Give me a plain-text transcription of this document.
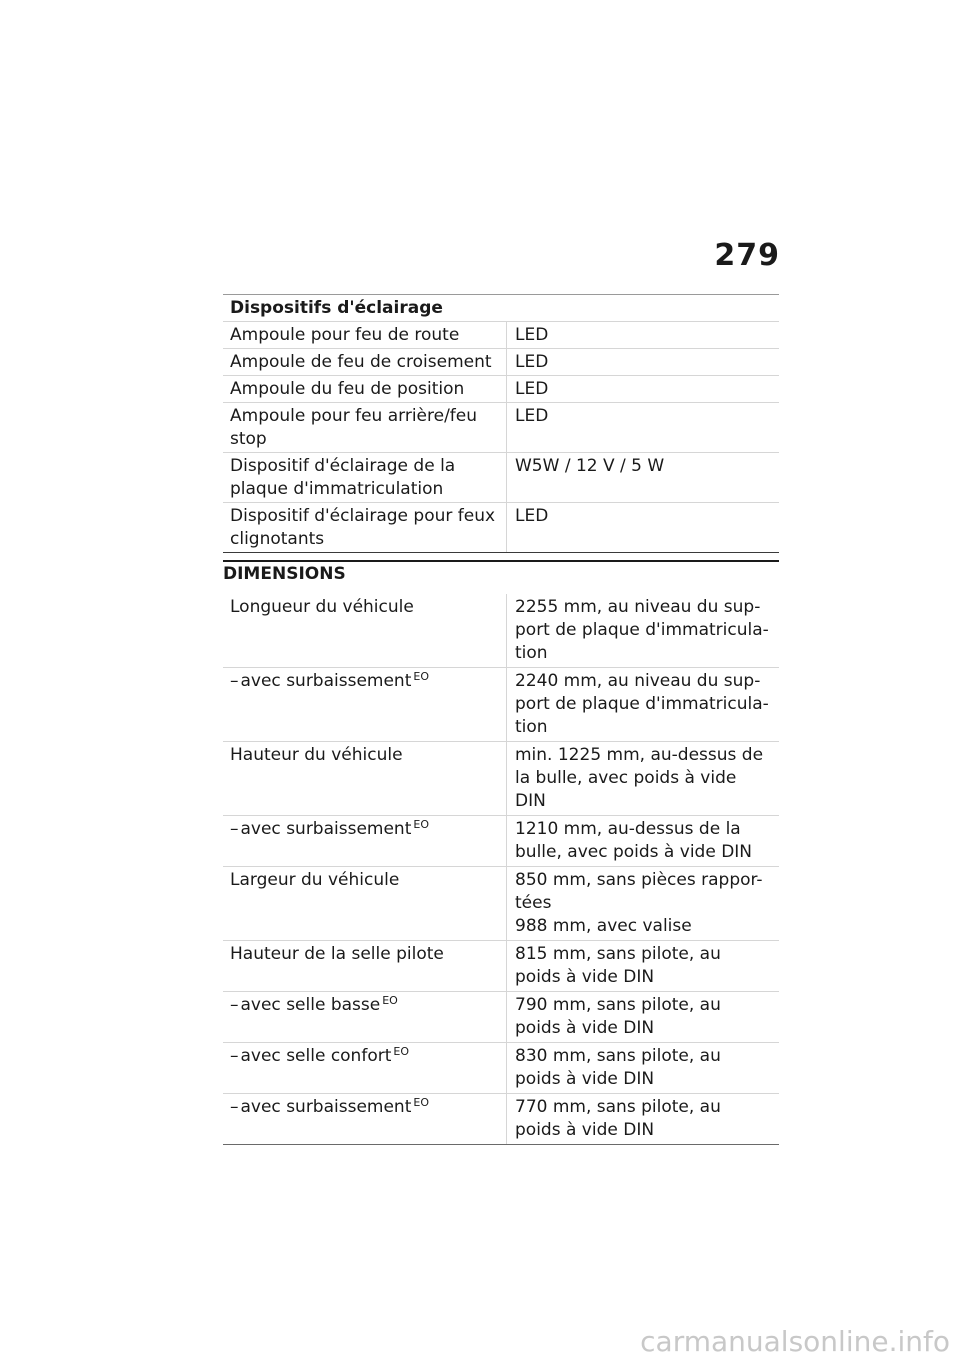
279
Dispositifs d'éclairage	
Ampoule pour feu de route	LED
Ampoule de feu de croisement	LED
Ampoule du feu de position	LED
Ampoule pour feu arrière/feu stop	LED
Dispositif d'éclairage de la plaque d'immatriculation	W5W / 12 V / 5 W
Dispositif d'éclairage pour feux clignotants	LED
DIMENSIONS
Longueur du véhicule	2255 mm, au niveau du sup-port de plaque d'immatricula-tion
– avec surbaissement $^{EO}$	2240 mm, au niveau du sup-port de plaque d'immatricula-tion
Hauteur du véhicule	min. 1225 mm, au-dessus de la bulle, avec poids à vide DIN
– avec surbaissement $^{EO}$	1210 mm, au-dessus de la bulle, avec poids à vide DIN
Largeur du véhicule	850 mm, sans pièces rappor-tées
988 mm, avec valise

Hauteur de la selle pilote	815 mm, sans pilote, au poids à vide DIN
– avec selle basse $^{EO}$	790 mm, sans pilote, au poids à vide DIN
– avec selle confort $^{EO}$	830 mm, sans pilote, au poids à vide DIN
– avec surbaissement $^{EO}$	770 mm, sans pilote, au poids à vide DIN
carmanualsonline.info
